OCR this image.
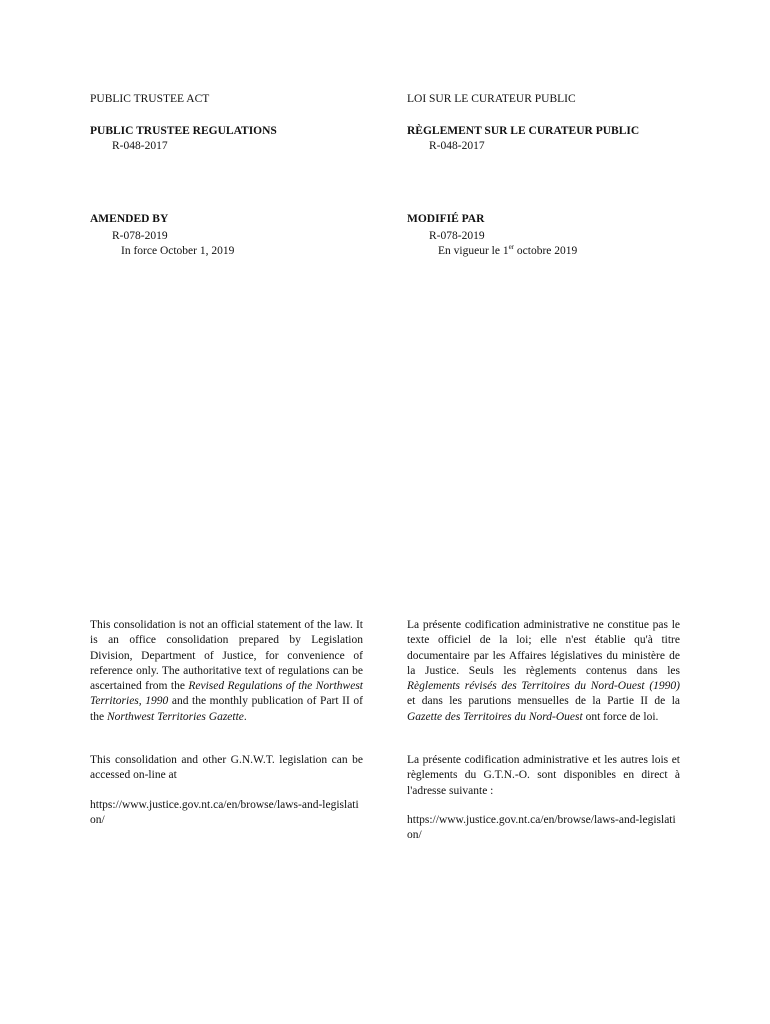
PUBLIC TRUSTEE ACT
PUBLIC TRUSTEE REGULATIONS
R-048-2017
AMENDED BY
R-078-2019
In force October 1, 2019
This consolidation is not an official statement of the law. It is an office consolidation prepared by Legislation Division, Department of Justice, for convenience of reference only. The authoritative text of regulations can be ascertained from the Revised Regulations of the Northwest Territories, 1990 and the monthly publication of Part II of the Northwest Territories Gazette.
This consolidation and other G.N.W.T. legislation can be accessed on-line at
https://www.justice.gov.nt.ca/en/browse/laws-and-legislation/
LOI SUR LE CURATEUR PUBLIC
RÈGLEMENT SUR LE CURATEUR PUBLIC
R-048-2017
MODIFIÉ PAR
R-078-2019
En vigueur le 1er octobre 2019
La présente codification administrative ne constitue pas le texte officiel de la loi; elle n'est établie qu'à titre documentaire par les Affaires législatives du ministère de la Justice. Seuls les règlements contenus dans les Règlements révisés des Territoires du Nord-Ouest (1990) et dans les parutions mensuelles de la Partie II de la Gazette des Territoires du Nord-Ouest ont force de loi.
La présente codification administrative et les autres lois et règlements du G.T.N.-O. sont disponibles en direct à l'adresse suivante :
https://www.justice.gov.nt.ca/en/browse/laws-and-legislation/
